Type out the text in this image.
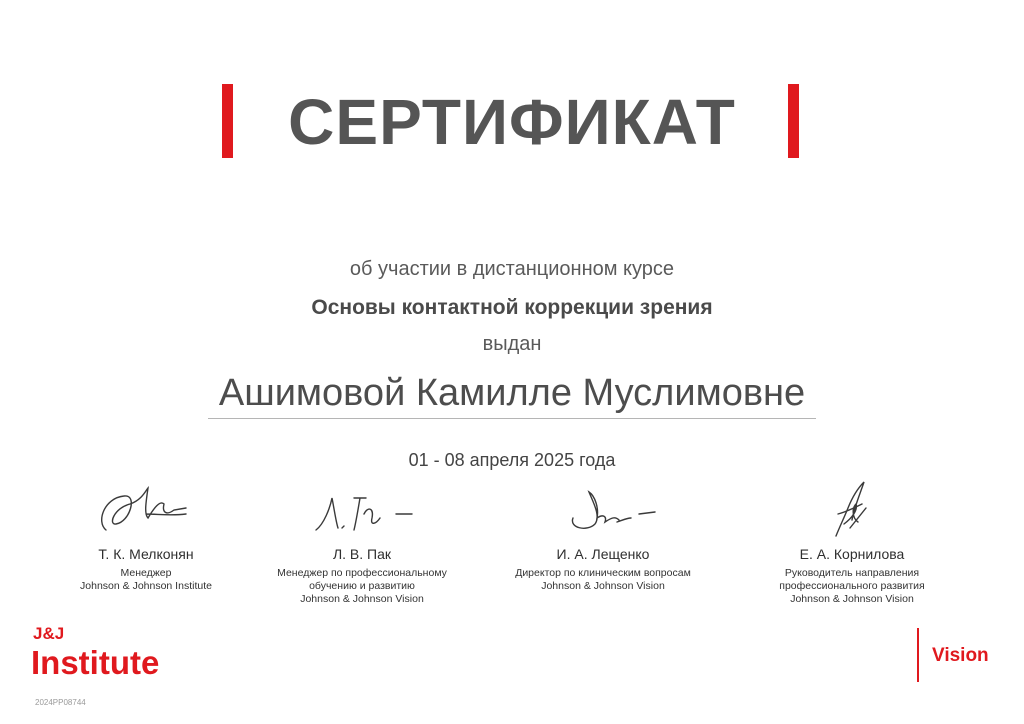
СЕРТИФИКАТ
об участии в дистанционном курсе
Основы контактной коррекции зрения
выдан
Ашимовой Камилле Муслимовне
01 - 08 апреля 2025 года
Т. К. Мелконян
Менеджер
Johnson & Johnson Institute
Л. В. Пак
Менеджер по профессиональному
обучению и развитию
Johnson & Johnson Vision
И. А. Лещенко
Директор по клиническим вопросам
Johnson & Johnson Vision
Е. А. Корнилова
Руководитель направления
профессионального развития
Johnson & Johnson Vision
J&J
Institute	Vision
2024PP08744
